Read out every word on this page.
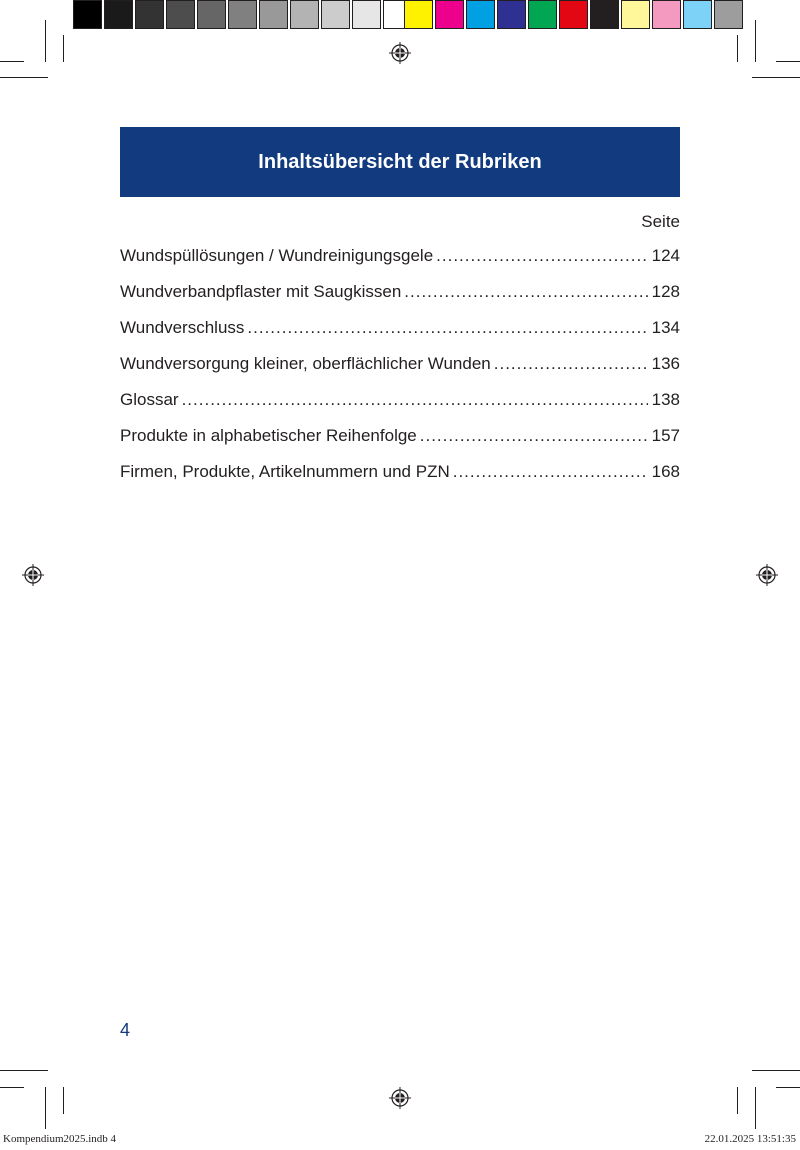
Inhaltsübersicht der Rubriken
Seite
Wundspüllösungen / Wundreinigungsgele .....	124
Wundverbandpflaster mit Saugkissen .....	128
Wundverschluss .....	134
Wundversorgung kleiner, oberflächlicher Wunden .....	136
Glossar .....	138
Produkte in alphabetischer Reihenfolge .....	157
Firmen, Produkte, Artikelnummern und PZN .....	168
4
Kompendium2025.indb 4	22.01.2025 13:51:35
